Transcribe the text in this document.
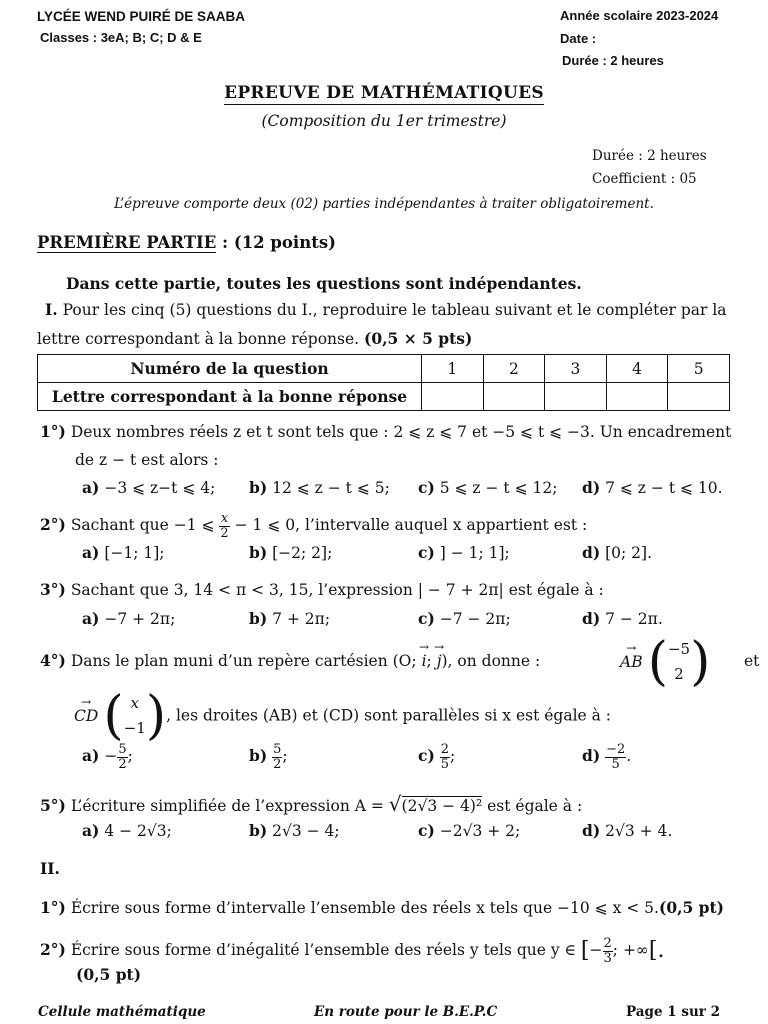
LYCÉE WEND PUIRÉ DE SAABA
Classes : 3eA; B; C; D & E
Année scolaire 2023-2024
Date :
Durée : 2 heures
EPREUVE DE MATHÉMATIQUES
(Composition du 1er trimestre)
Durée : 2 heures
Coefficient : 05
L’épreuve comporte deux (02) parties indépendantes à traiter obligatoirement.
PREMIÈRE PARTIE : (12 points)
Dans cette partie, toutes les questions sont indépendantes.
I. Pour les cinq (5) questions du I., reproduire le tableau suivant et le compléter par la
lettre correspondant à la bonne réponse. (0,5 × 5 pts)
Numéro de la question	1	2	3	4	5
Lettre correspondant à la bonne réponse					
1°) Deux nombres réels z et t sont tels que : 2 ⩽ z ⩽ 7 et −5 ⩽ t ⩽ −3. Un encadrement
de z − t est alors :
a) −3 ⩽ z−t ⩽ 4; b) 12 ⩽ z − t ⩽ 5; c) 5 ⩽ z − t ⩽ 12; d) 7 ⩽ z − t ⩽ 10.
2°) Sachant que −1 ⩽ $\frac{x}{2} - 1$ ⩽ 0, l’intervalle auquel x appartient est :
a) [−1; 1];	b) [−2; 2];	c) ] − 1; 1];	d) [0; 2].
3°) Sachant que 3, 14 < π < 3, 15, l’expression | − 7 + 2π| est égale à :
a) −7 + 2π;	b) 7 + 2π;	c) −7 − 2π;	d) 7 − 2π.
4°) Dans le plan muni d’un repère cartésien (O; → i; → j), on donne :	→ AB (−5
2 ) et
→ CD ( x
−1), les droites (AB) et (CD) sont parallèles si x est égale à :
$a) - \frac{5}{2}$ ;	$b) \frac{5}{2}$ ;	$c) \frac{2}{5}$ ;	$d) \frac{-2}{5}$ .
5°) L’écriture simplifiée de l’expression A = √(2√3 − 4)² est égale à :
a) 4 − 2√3;	b) 2√3 − 4;	c) −2√3 + 2;	d) 2√3 + 4.
II.
1°) Écrire sous forme d’intervalle l’ensemble des réels x tels que −10 ⩽ x < 5.(0,5 pt)
2°) Écrire sous forme d’inégalité l’ensemble des réels y tels que y ∈ [− $\frac{2}{3}$ ; +∞[.
(0,5 pt)
Cellule mathématique	En route pour le B.E.P.C	Page 1 sur 2
